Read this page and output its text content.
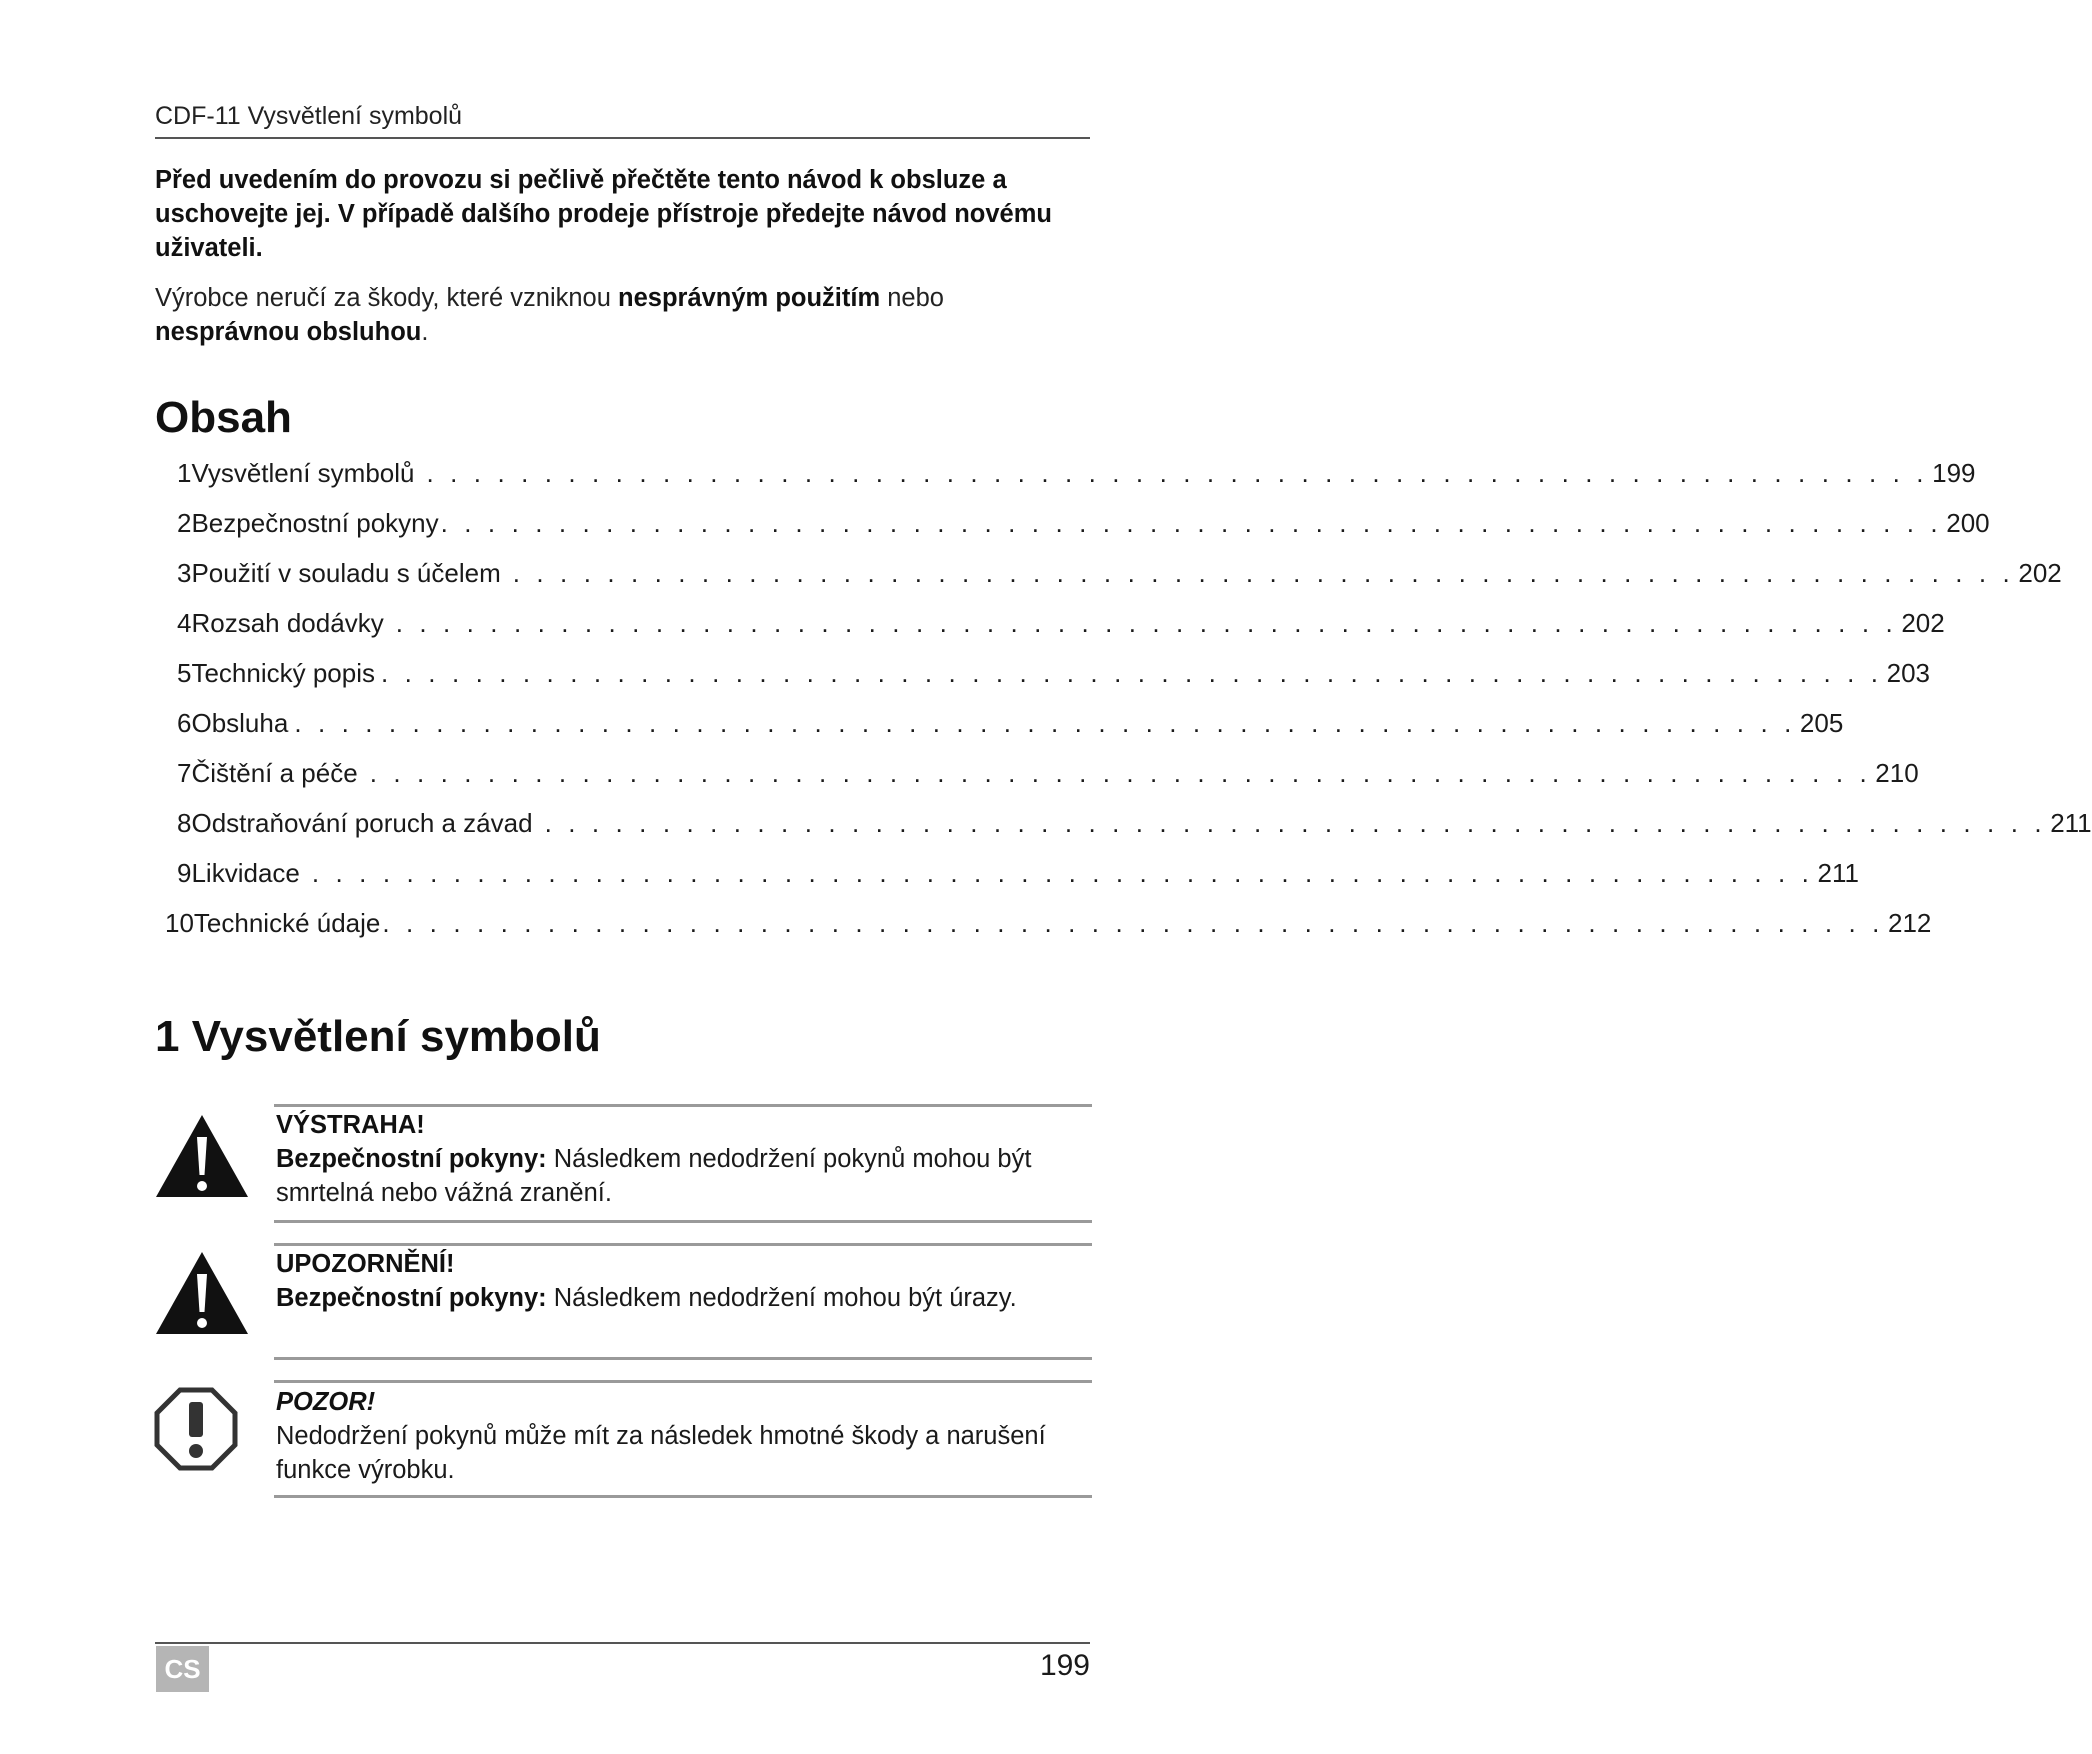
CDF-11 Vysvětlení symbolů
Před uvedením do provozu si pečlivě přečtěte tento návod k obsluze a uschovejte jej. V případě dalšího prodeje přístroje předejte návod novému uživateli.
Výrobce neručí za škody, které vzniknou nesprávným použitím nebo nesprávnou obsluhou.
Obsah
1 Vysvětlení symbolů . . . . . . . . . . . . . . . . . . . . . . . . . . . . . . . . . . . . . . . . . . . . . . . . . . . . . . . . . . . . . . . . 199
2 Bezpečnostní pokyny . . . . . . . . . . . . . . . . . . . . . . . . . . . . . . . . . . . . . . . . . . . . . . . . . . . . . . . . . . . . . . . . 200
3 Použití v souladu s účelem . . . . . . . . . . . . . . . . . . . . . . . . . . . . . . . . . . . . . . . . . . . . . . . . . . . . . . . . . . . . . . . . 202
4 Rozsah dodávky . . . . . . . . . . . . . . . . . . . . . . . . . . . . . . . . . . . . . . . . . . . . . . . . . . . . . . . . . . . . . . . . 202
5 Technický popis . . . . . . . . . . . . . . . . . . . . . . . . . . . . . . . . . . . . . . . . . . . . . . . . . . . . . . . . . . . . . . . . 203
6 Obsluha . . . . . . . . . . . . . . . . . . . . . . . . . . . . . . . . . . . . . . . . . . . . . . . . . . . . . . . . . . . . . . . . 205
7 Čištění a péče . . . . . . . . . . . . . . . . . . . . . . . . . . . . . . . . . . . . . . . . . . . . . . . . . . . . . . . . . . . . . . . . 210
8 Odstraňování poruch a závad . . . . . . . . . . . . . . . . . . . . . . . . . . . . . . . . . . . . . . . . . . . . . . . . . . . . . . . . . . . . . . . . 211
9 Likvidace . . . . . . . . . . . . . . . . . . . . . . . . . . . . . . . . . . . . . . . . . . . . . . . . . . . . . . . . . . . . . . . . 211
10 Technické údaje . . . . . . . . . . . . . . . . . . . . . . . . . . . . . . . . . . . . . . . . . . . . . . . . . . . . . . . . . . . . . . . . 212
1 Vysvětlení symbolů
VÝSTRAHA!
Bezpečnostní pokyny: Následkem nedodržení pokynů mohou být smrtelná nebo vážná zranění.
UPOZORNĚNÍ!
Bezpečnostní pokyny: Následkem nedodržení mohou být úrazy.
POZOR!
Nedodržení pokynů může mít za následek hmotné škody a narušení funkce výrobku.
CS	199
